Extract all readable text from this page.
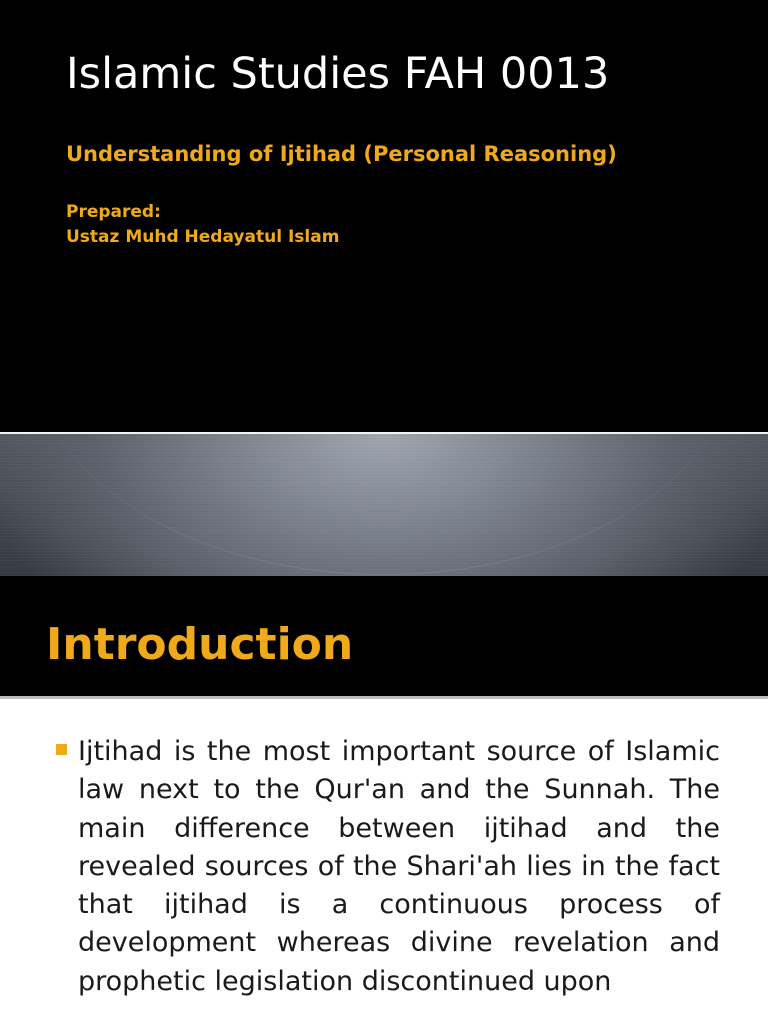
Islamic Studies FAH 0013
Understanding of Ijtihad (Personal Reasoning)
Prepared:
Ustaz Muhd Hedayatul Islam
Introduction

Ijtihad is the most important source of Islamic law next to the Qur'an and the Sunnah. The main difference between ijtihad and the revealed sources of the Shari'ah lies in the fact that ijtihad is a continuous process of development whereas divine revelation and prophetic legislation discontinued upon
